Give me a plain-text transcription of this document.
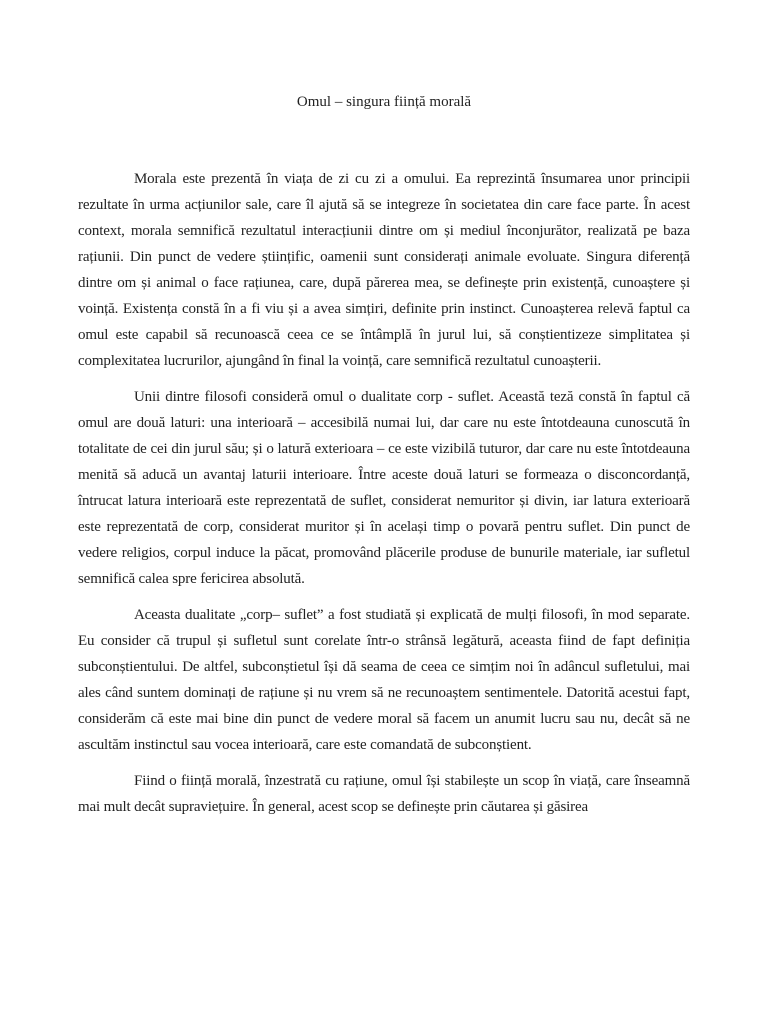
Omul – singura ființă morală

Morala este prezentă în viața de zi cu zi a omului. Ea reprezintă însumarea unor principii rezultate în urma acțiunilor sale, care îl ajută să se integreze în societatea din care face parte. În acest context, morala semnifică rezultatul interacțiunii dintre om și mediul înconjurător, realizată pe baza rațiunii. Din punct de vedere științific, oamenii sunt considerați animale evoluate. Singura diferență dintre om și animal o face rațiunea, care, după părerea mea, se definește prin existență, cunoaștere și voință. Existența constă în a fi viu și a avea simțiri, definite prin instinct. Cunoașterea relevă faptul ca omul este capabil să recunoască ceea ce se întâmplă în jurul lui, să conștientizeze simplitatea și complexitatea lucrurilor, ajungând în final la voință, care semnifică rezultatul cunoașterii.

Unii dintre filosofi consideră omul o dualitate corp - suflet. Această teză constă în faptul că omul are două laturi: una interioară – accesibilă numai lui, dar care nu este întotdeauna cunoscută în totalitate de cei din jurul său; și o latură exterioara – ce este vizibilă tuturor, dar care nu este întotdeauna menită să aducă un avantaj laturii interioare. Între aceste două laturi se formeaza o disconcordanță, întrucat latura interioară este reprezentată de suflet, considerat nemuritor și divin, iar latura exterioară este reprezentată de corp, considerat muritor și în același timp o povară pentru suflet. Din punct de vedere religios, corpul induce la păcat, promovând plăcerile produse de bunurile materiale, iar sufletul semnifică calea spre fericirea absolută.

Aceasta dualitate „corp– suflet” a fost studiată și explicată de mulți filosofi, în mod separate. Eu consider că trupul și sufletul sunt corelate într-o strânsă legătură, aceasta fiind de fapt definiția subconștientului. De altfel, subconștietul își dă seama de ceea ce simțim noi în adâncul sufletului, mai ales când suntem dominați de rațiune și nu vrem să ne recunoaștem sentimentele. Datorită acestui fapt, considerăm că este mai bine din punct de vedere moral să facem un anumit lucru sau nu, decât să ne ascultăm instinctul sau vocea interioară, care este comandată de subconștient.

Fiind o ființă morală, înzestrată cu rațiune, omul își stabilește un scop în viață, care înseamnă mai mult decât supraviețuire. În general, acest scop se definește prin căutarea și găsirea
